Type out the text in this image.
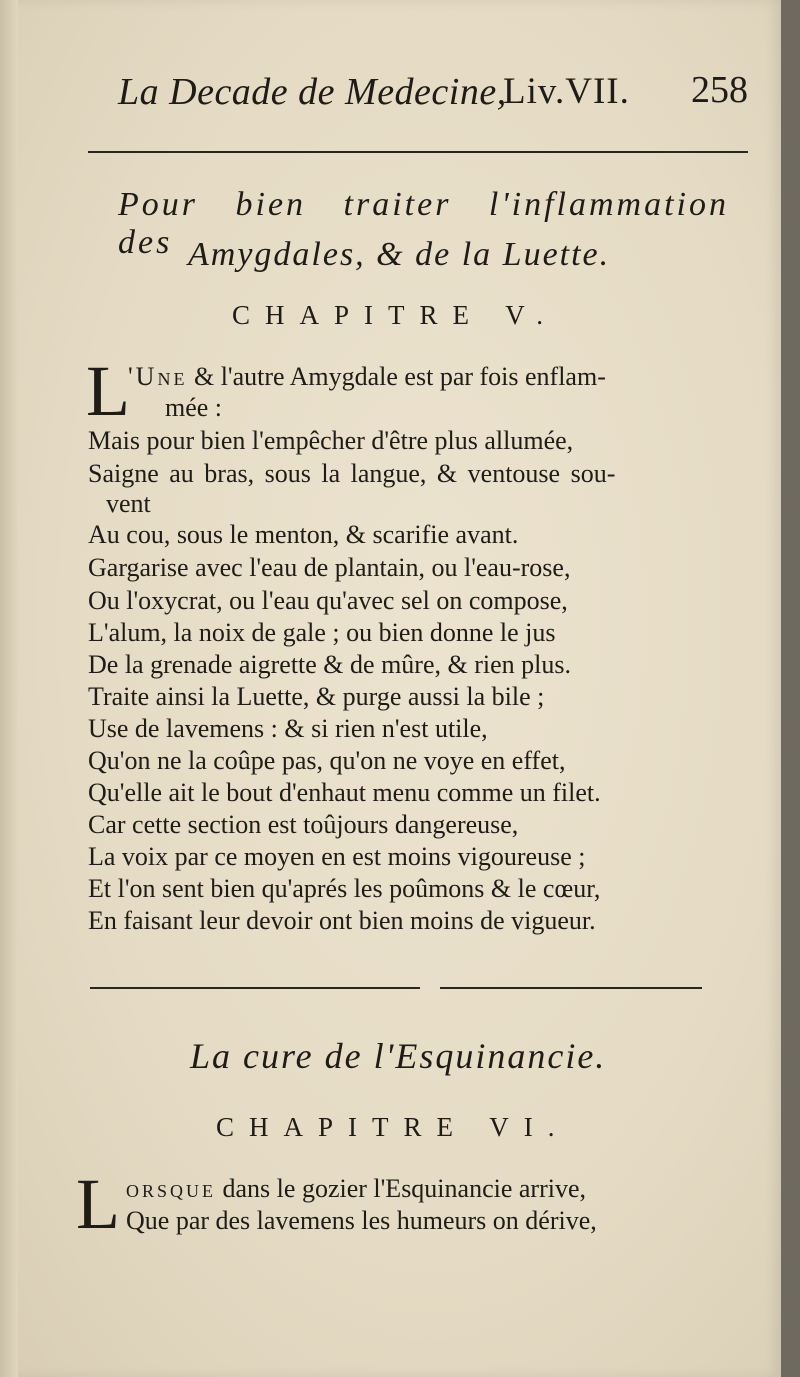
La Decade de Medecine,
Liv.VII. 258
Pour bien traiter l'inflammation des Amygdales, & de la Luette.
CHAPITRE V.
L
'Une & l'autre Amygdale est par fois enflam-
mée :
Mais pour bien l'empêcher d'être plus allumée,
Saigne au bras, sous la langue, & ventouse sou-
vent
Au cou, sous le menton, & scarifie avant.
Gargarise avec l'eau de plantain, ou l'eau-rose,
Ou l'oxycrat, ou l'eau qu'avec sel on compose,
L'alum, la noix de gale ; ou bien donne le jus
De la grenade aigrette & de mûre, & rien plus.
Traite ainsi la Luette, & purge aussi la bile ;
Use de lavemens : & si rien n'est utile,
Qu'on ne la coûpe pas, qu'on ne voye en effet,
Qu'elle ait le bout d'enhaut menu comme un filet.
Car cette section est toûjours dangereuse,
La voix par ce moyen en est moins vigoureuse ;
Et l'on sent bien qu'aprés les poûmons & le cœur,
En faisant leur devoir ont bien moins de vigueur.
La cure de l'Esquinancie.
CHAPITRE VI.
L orsque dans le gozier l'Esquinancie arrive,
Que par des lavemens les humeurs on dérive,
